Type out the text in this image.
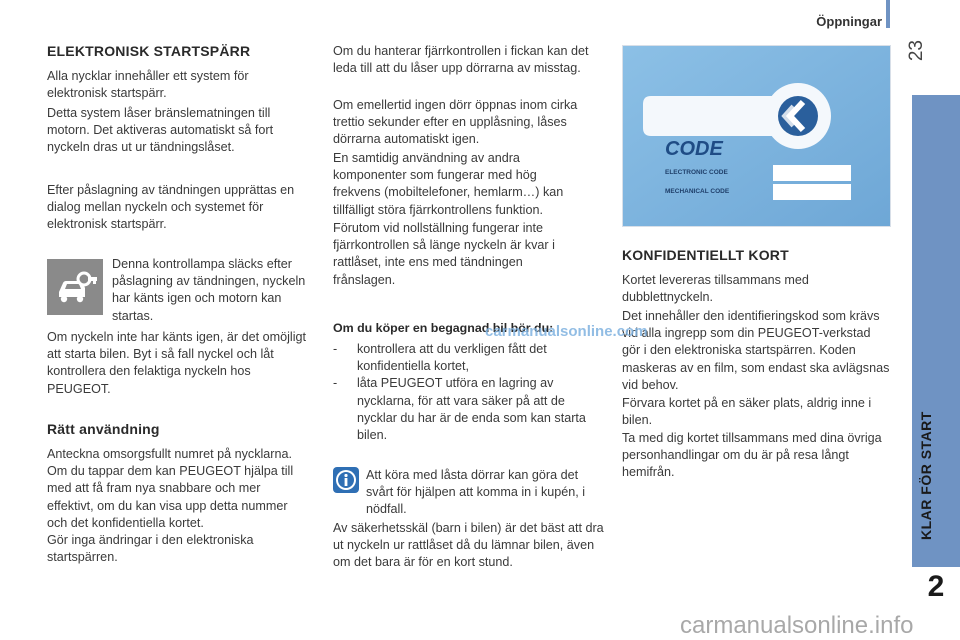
Öppningar
23
KLAR FÖR START
2
ELEKTRONISK STARTSPÄRR

Alla nycklar innehåller ett system för elektronisk startspärr.

Detta system låser bränslematningen till motorn. Det aktiveras automatiskt så fort nyckeln dras ut ur tändningslåset.

Efter påslagning av tändningen upprättas en dialog mellan nyckeln och systemet för elektronisk startspärr.

Denna kontrollampa släcks efter påslagning av tändningen, nyckeln har känts igen och motorn kan startas.

Om nyckeln inte har känts igen, är det omöjligt att starta bilen. Byt i så fall nyckel och låt kontrollera den felaktiga nyckeln hos PEUGEOT.

Rätt användning

Anteckna omsorgsfullt numret på nycklarna. Om du tappar dem kan PEUGEOT hjälpa till med att få fram nya snabbare och mer effektivt, om du kan visa upp detta nummer och det konfidentiella kortet.

Gör inga ändringar i den elektroniska startspärren.

Om du hanterar fjärrkontrollen i fickan kan det leda till att du låser upp dörrarna av misstag.

Om emellertid ingen dörr öppnas inom cirka trettio sekunder efter en upplåsning, låses dörrarna automatiskt igen.

En samtidig användning av andra komponenter som fungerar med hög frekvens (mobiltelefoner, hemlarm…) kan tillfälligt störa fjärrkontrollens funktion.

Förutom vid nollställning fungerar inte fjärrkontrollen så länge nyckeln är kvar i rattlåset, inte ens med tändningen frånslagen.

Om du köper en begagnad bil bör du:
-	kontrollera att du verkligen fått det konfidentiella kortet,
-	låta PEUGEOT utföra en lagring av nycklarna, för att vara säker på att de nycklar du har är de enda som kan starta bilen.

Att köra med låsta dörrar kan göra det svårt för hjälpen att komma in i kupén, i nödfall.

Av säkerhetsskäl (barn i bilen) är det bäst att dra ut nyckeln ur rattlåset då du lämnar bilen, även om det bara är för en kort stund.

CODE
ELECTRONIC CODE
MECHANICAL CODE
KONFIDENTIELLT KORT

Kortet levereras tillsammans med dubblettnyckeln.

Det innehåller den identifieringskod som krävs vid alla ingrepp som din PEUGEOT-verkstad gör i den elektroniska startspärren. Koden maskeras av en film, som endast ska avlägsnas vid behov.

Förvara kortet på en säker plats, aldrig inne i bilen.

Ta med dig kortet tillsammans med dina övriga personhandlingar om du är på resa långt hemifrån.

carmanualsonline.com
carmanualsonline.info
